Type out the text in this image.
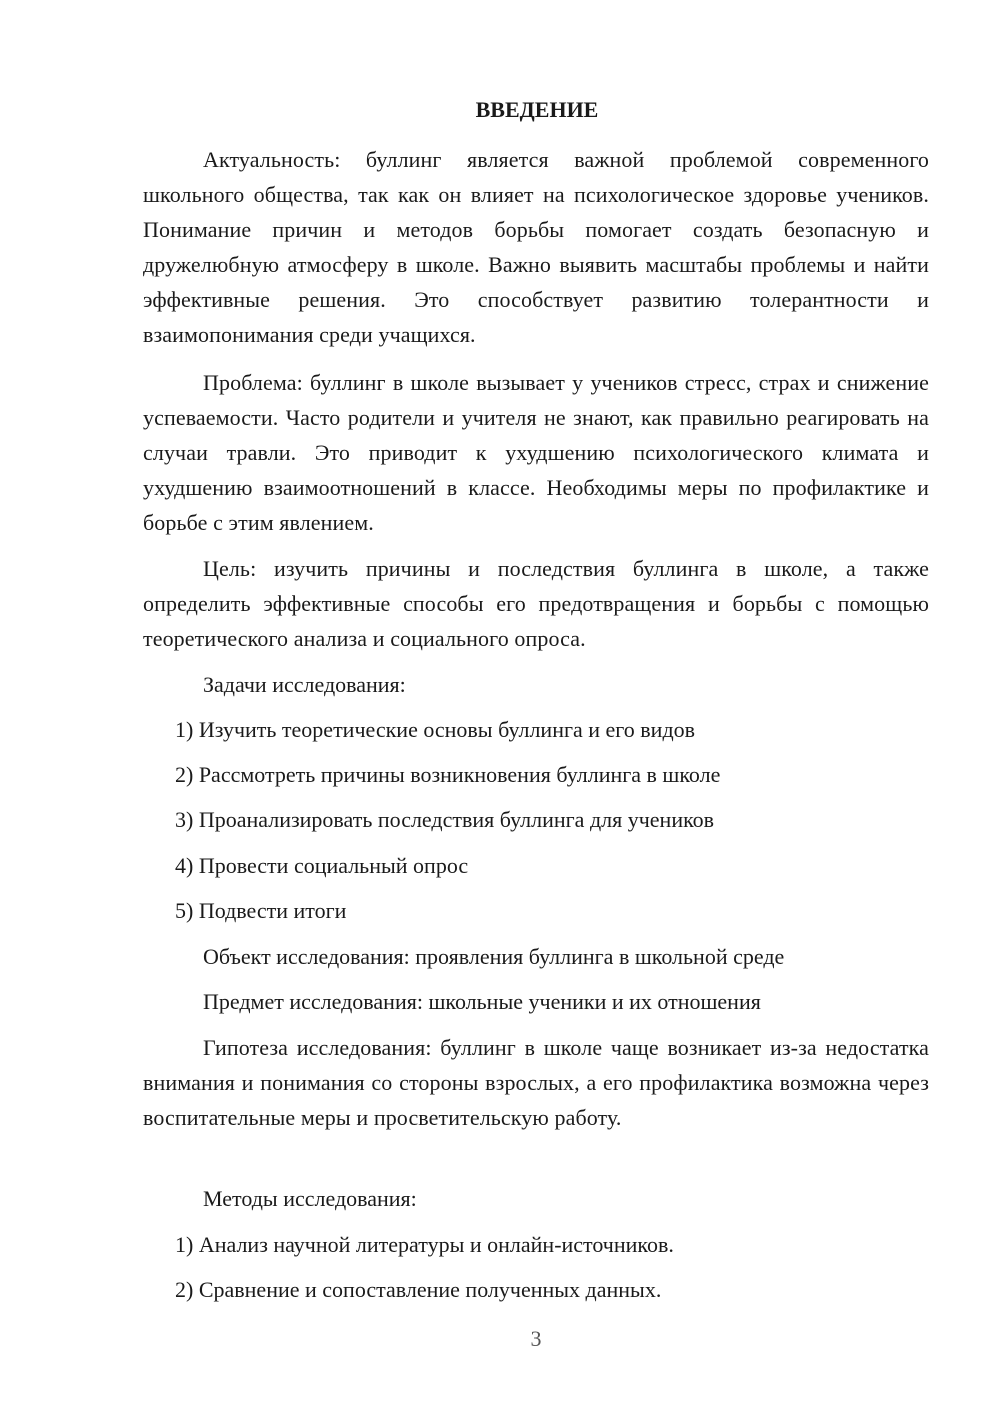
ВВЕДЕНИЕ

Актуальность: буллинг является важной проблемой современного школьного общества, так как он влияет на психологическое здоровье учеников. Понимание причин и методов борьбы помогает создать безопасную и дружелюбную атмосферу в школе. Важно выявить масштабы проблемы и найти эффективные решения. Это способствует развитию толерантности и взаимопонимания среди учащихся.

Проблема: буллинг в школе вызывает у учеников стресс, страх и снижение успеваемости. Часто родители и учителя не знают, как правильно реагировать на случаи травли. Это приводит к ухудшению психологического климата и ухудшению взаимоотношений в классе. Необходимы меры по профилактике и борьбе с этим явлением.

Цель: изучить причины и последствия буллинга в школе, а также определить эффективные способы его предотвращения и борьбы с помощью теоретического анализа и социального опроса.

Задачи исследования:

1) Изучить теоретические основы буллинга и его видов

2) Рассмотреть причины возникновения буллинга в школе

3) Проанализировать последствия буллинга для учеников

4) Провести социальный опрос

5) Подвести итоги

Объект исследования: проявления буллинга в школьной среде

Предмет исследования: школьные ученики и их отношения

Гипотеза исследования: буллинг в школе чаще возникает из-за недостатка внимания и понимания со стороны взрослых, а его профилактика возможна через воспитательные меры и просветительскую работу.

Методы исследования:

1) Анализ научной литературы и онлайн-источников.

2) Сравнение и сопоставление полученных данных.

3
